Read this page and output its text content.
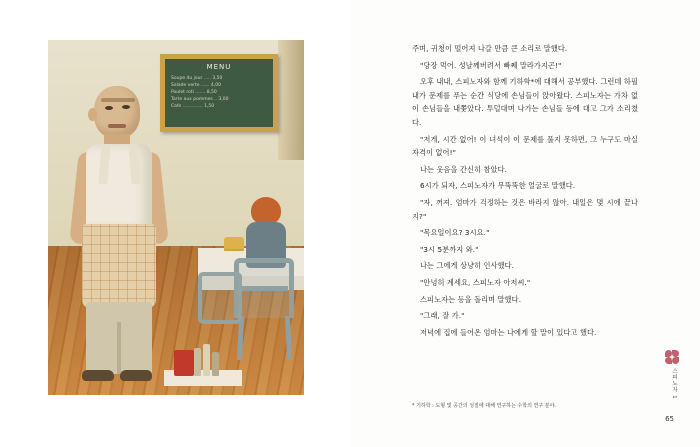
MENU
Soupe du jour ..... 3,50
Salade verte ...... 4,00
Poulet roti ....... 8,50
Tarte aux pommes .. 3,00
Cafe .............. 1,50

주며, 귀청이 떨어져 나갈 만큼 큰 소리로 말했다.

"당장 먹어. 성날께버려서 빠쩨 말라가지곤!"

오후 내내, 스피노자와 함께 기하학*에 대해서 공부했다. 그런데 하필 내가 문제를 푸는 순간 식당에 손님들이 앉아왔다. 스피노자는 가차 없이 손님들을 내쫓았다. 투덜대며 나가는 손님들 등에 대고 그가 소리쳤다.

"저게, 시간 없어! 이 녀석이 이 문제를 풀지 못하면, 그 누구도 마실 자격이 없어!"

나는 웃음을 간신히 참았다.

6시가 되자, 스피노자가 무뚝뚝한 얼굴로 말했다.

"자, 꺼져. 엄마가 걱정하는 것은 바라지 않아. 내일은 몇 시에 끝나지?"

"목요일이요? 3시요."

"3시 5분까지 와."

나는 그에게 상냥히 인사했다.

"안녕히 계세요, 스피노자 아저씨."

스피노자는 등을 돌리며 말했다.

"그래, 잘 가."

저녁에 집에 들어온 엄마는 나에게 할 말이 있다고 했다.

* 기하학 : 도형 및 공간의 성질에 대해 연구하는 수학의 연구 분야.
스피노자 1
65
